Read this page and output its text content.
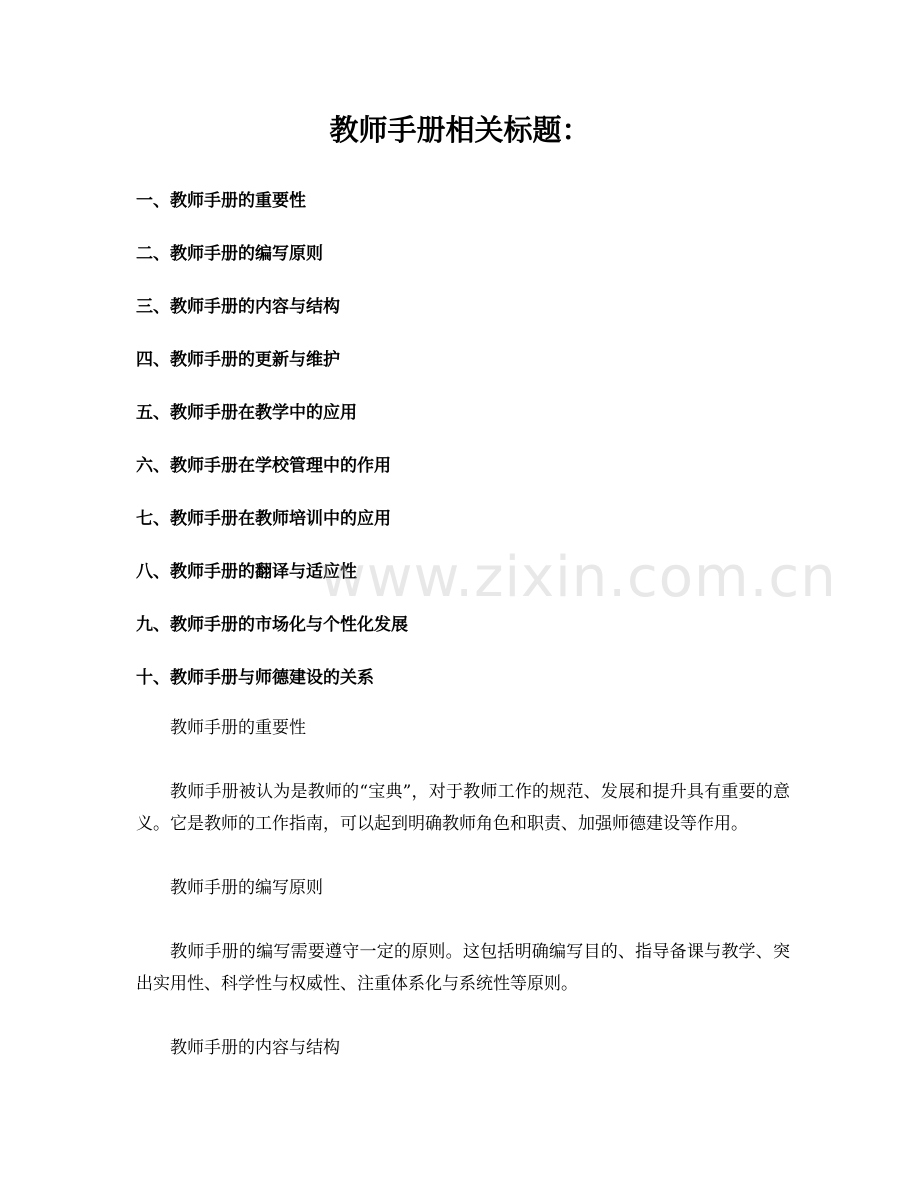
教师手册相关标题：
一、教师手册的重要性
二、教师手册的编写原则
三、教师手册的内容与结构
四、教师手册的更新与维护
五、教师手册在教学中的应用
六、教师手册在学校管理中的作用
七、教师手册在教师培训中的应用
八、教师手册的翻译与适应性
九、教师手册的市场化与个性化发展
十、教师手册与师德建设的关系

教师手册的重要性

教师手册被认为是教师的“宝典”，对于教师工作的规范、发展和提升具有重要的意义。它是教师的工作指南，可以起到明确教师角色和职责、加强师德建设等作用。

教师手册的编写原则

教师手册的编写需要遵守一定的原则。这包括明确编写目的、指导备课与教学、突出实用性、科学性与权威性、注重体系化与系统性等原则。

教师手册的内容与结构

www.zixin.com.cn
